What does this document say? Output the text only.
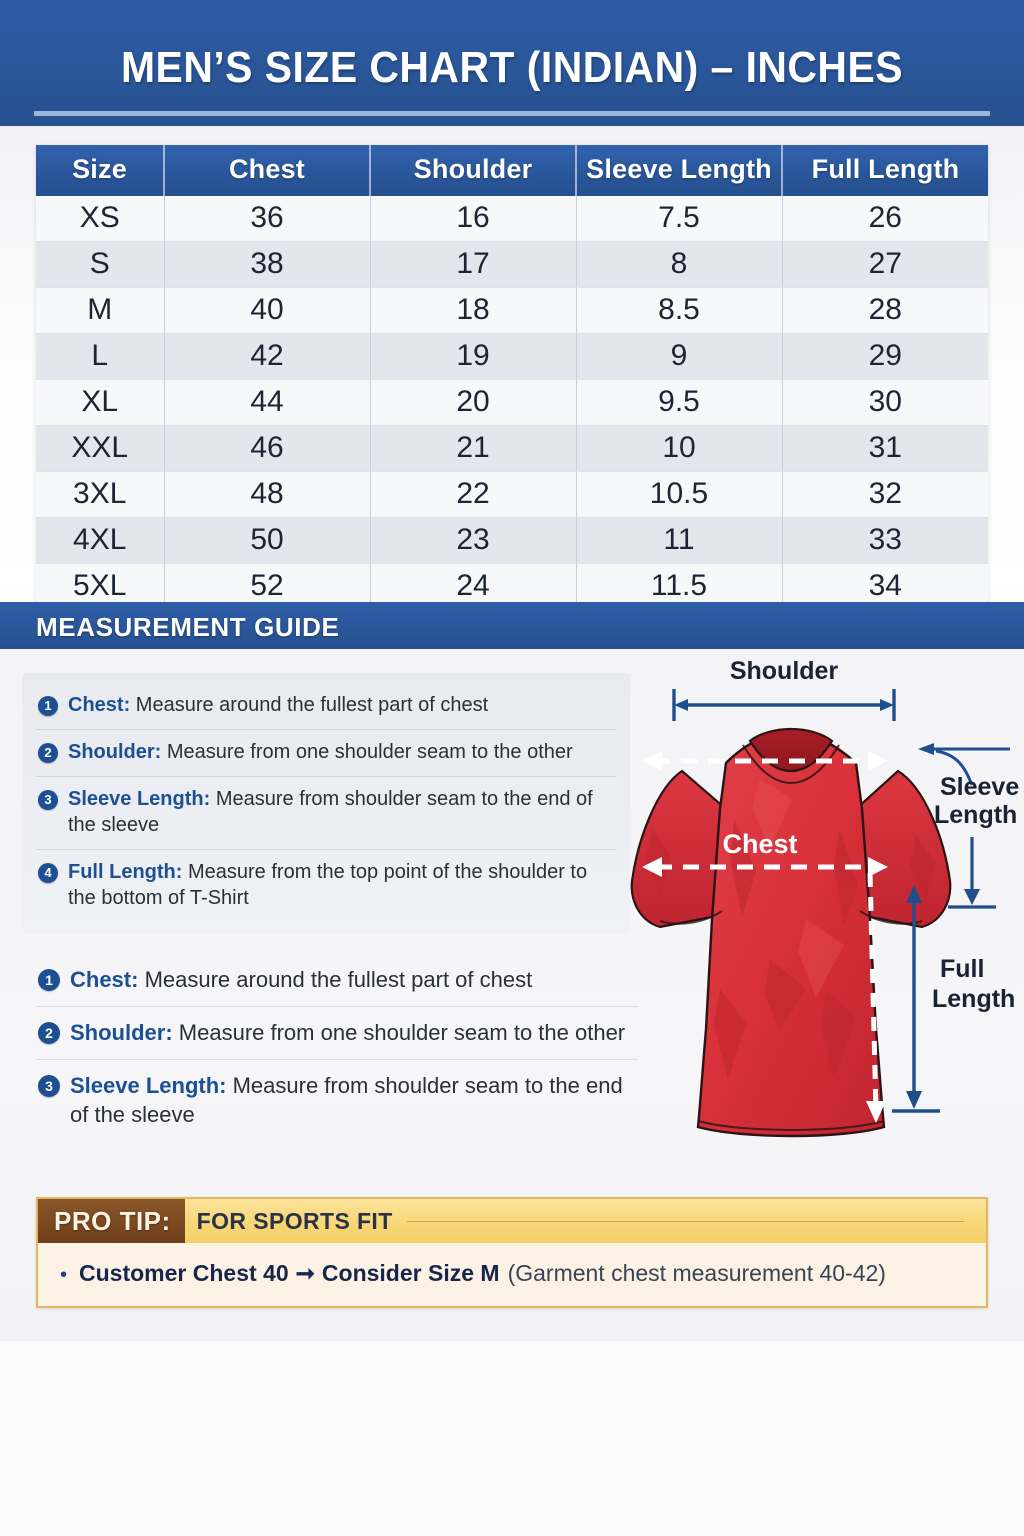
MEN’S SIZE CHART (INDIAN) – INCHES
Size	Chest	Shoulder	Sleeve Length	Full Length
XS	36	16	7.5	26
S	38	17	8	27
M	40	18	8.5	28
L	42	19	9	29
XL	44	20	9.5	30
XXL	46	21	10	31
3XL	48	22	10.5	32
4XL	50	23	11	33
5XL	52	24	11.5	34
MEASUREMENT GUIDE
1 Chest: Measure around the fullest part of chest
2 Shoulder: Measure from one shoulder seam to the other
3 Sleeve Length: Measure from shoulder seam to the end of the sleeve
4 Full Length: Measure from the top point of the shoulder to the bottom of T-Shirt
1 Chest: Measure around the fullest part of chest
2 Shoulder: Measure from one shoulder seam to the other
3 Sleeve Length: Measure from shoulder seam to the end of the sleeve
Shoulder
Chest
Sleeve
Length
Full
Length
PRO TIP:	FOR SPORTS FIT
• Customer Chest 40 ➞ Consider Size M (Garment chest measurement 40-42)
